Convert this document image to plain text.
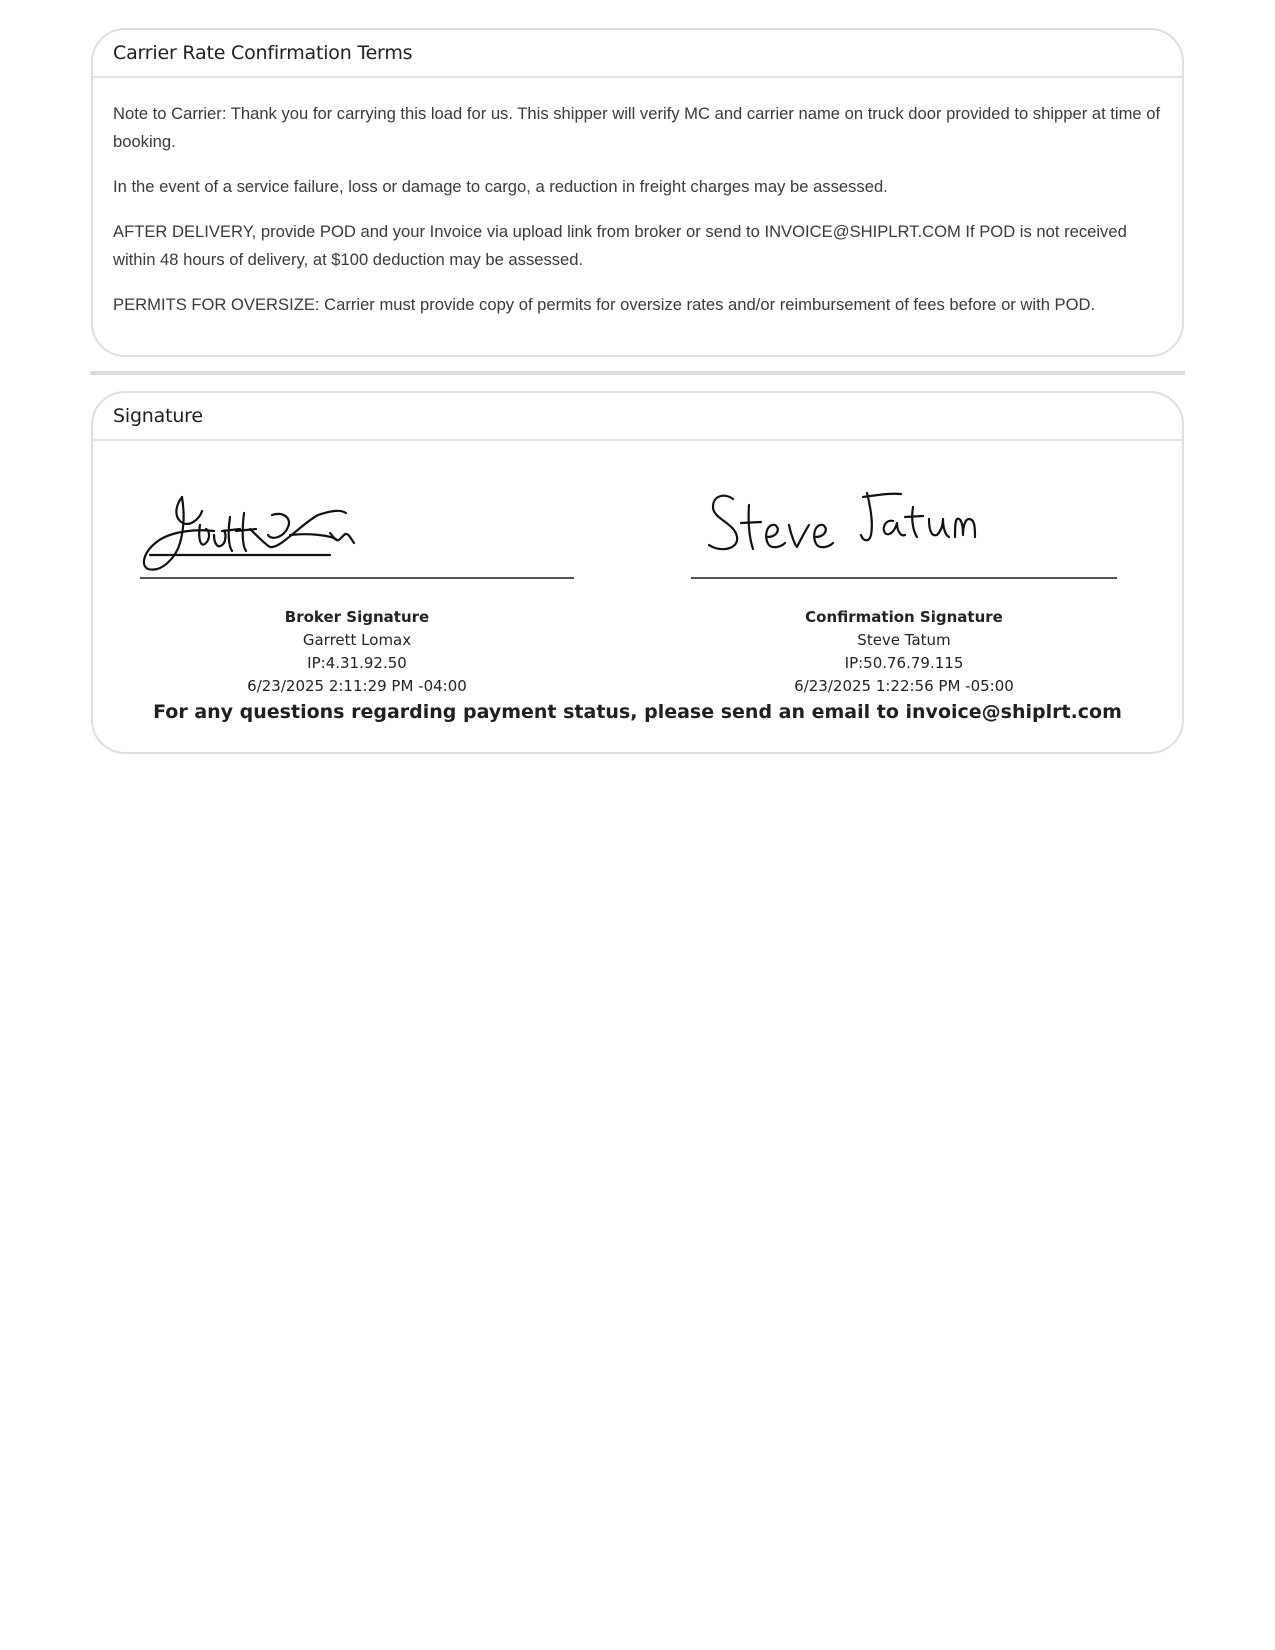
Carrier Rate Confirmation Terms

Note to Carrier: Thank you for carrying this load for us. This shipper will verify MC and carrier name on truck door provided to shipper at time of booking.

In the event of a service failure, loss or damage to cargo, a reduction in freight charges may be assessed.

AFTER DELIVERY, provide POD and your Invoice via upload link from broker or send to INVOICE@SHIPLRT.COM If POD is not received within 48 hours of delivery, at $100 deduction may be assessed.

PERMITS FOR OVERSIZE: Carrier must provide copy of permits for oversize rates and/or reimbursement of fees before or with POD.

Signature
Broker Signature
Garrett Lomax
IP:4.31.92.50
6/23/2025 2:11:29 PM -04:00
Confirmation Signature
Steve Tatum
IP:50.76.79.115
6/23/2025 1:22:56 PM -05:00
For any questions regarding payment status, please send an email to invoice@shiplrt.com
